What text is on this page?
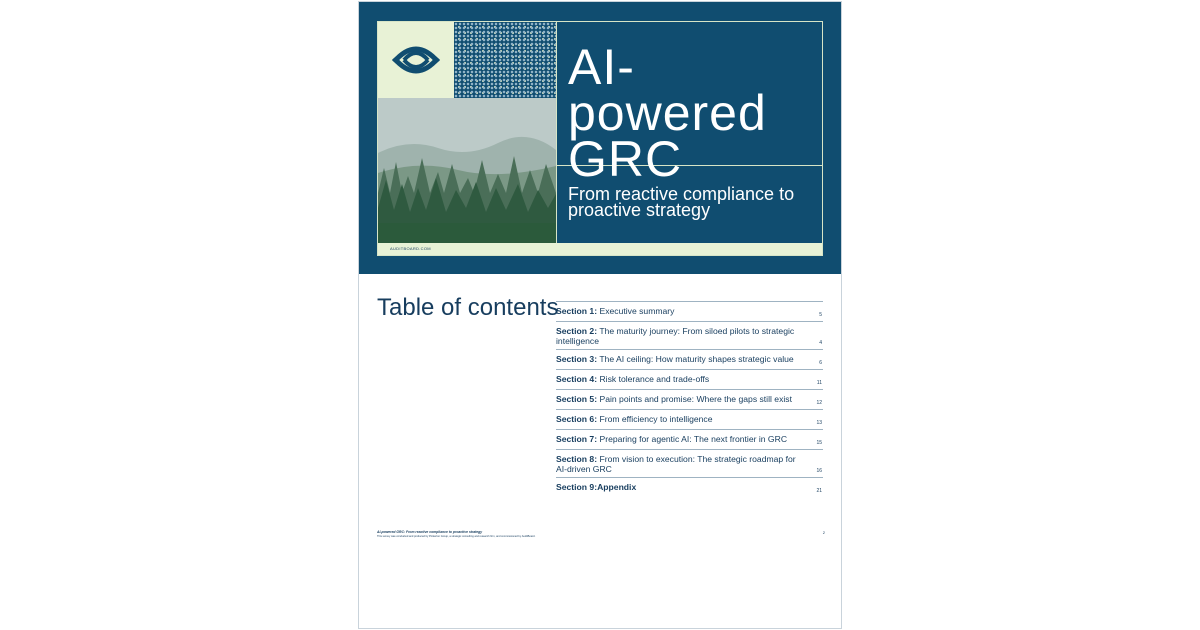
AI-powered GRC

From reactive compliance to proactive strategy

AUDITBOARD.COM
Table of contents
Section 1: Executive summary	5
Section 2: The maturity journey: From siloed pilots to strategic intelligence	4
Section 3: The AI ceiling: How maturity shapes strategic value	6
Section 4: Risk tolerance and trade-offs	11
Section 5: Pain points and promise: Where the gaps still exist	12
Section 6: From efficiency to intelligence	13
Section 7: Preparing for agentic AI: The next frontier in GRC	15
Section 8: From vision to execution: The strategic roadmap for AI-driven GRC	16
Section 9:Appendix	21
AI-powered GRC: From reactive compliance to proactive strategy
This survey was conducted and produced by Pinkerton Group, a strategic consulting and research firm, and commissioned by AuditBoard.
2
